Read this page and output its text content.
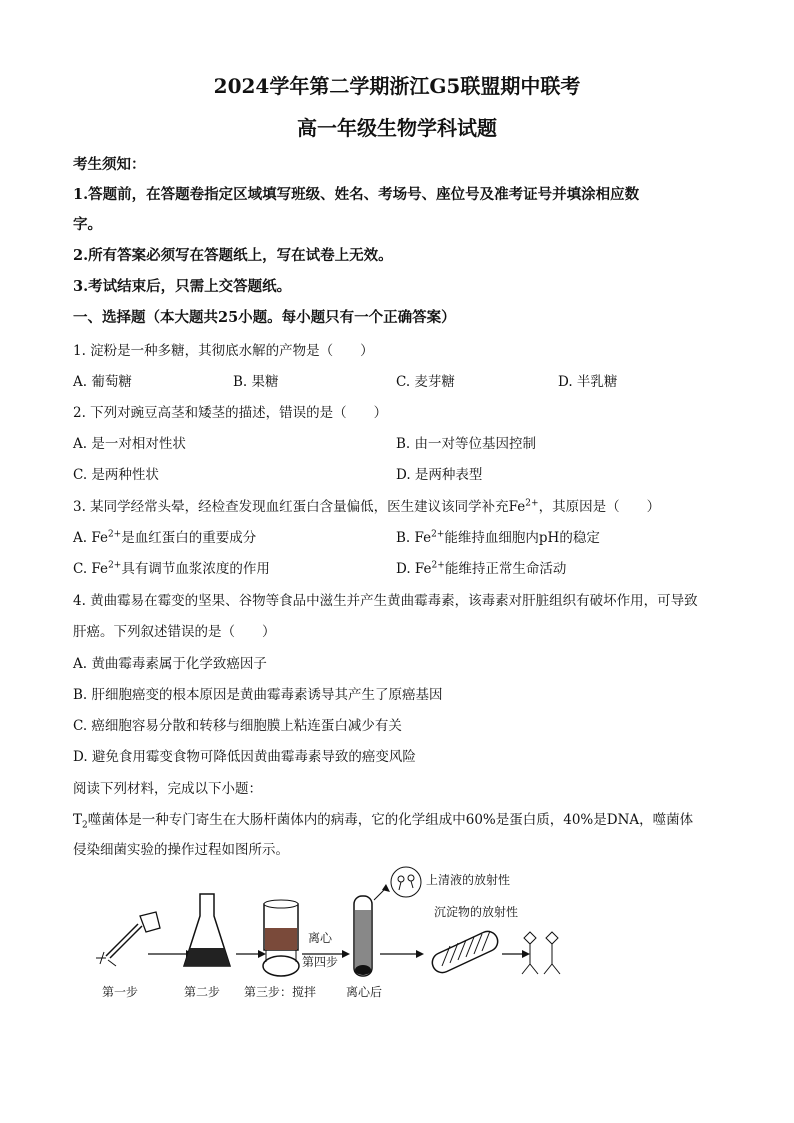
2024学年第二学期浙江G5联盟期中联考
高一年级生物学科试题
考生须知：
1.答题前，在答题卷指定区域填写班级、姓名、考场号、座位号及准考证号并填涂相应数
字。
2.所有答案必须写在答题纸上，写在试卷上无效。
3.考试结束后，只需上交答题纸。
一、选择题（本大题共25小题。每小题只有一个正确答案）
1. 淀粉是一种多糖，其彻底水解的产物是（　　）
A. 葡萄糖	B. 果糖	C. 麦芽糖	D. 半乳糖
2. 下列对豌豆高茎和矮茎的描述，错误的是（　　）
A. 是一对相对性状	B. 由一对等位基因控制
C. 是两种性状	D. 是两种表型
3. 某同学经常头晕，经检查发现血红蛋白含量偏低，医生建议该同学补充$Fe^{2+}$，其原因是（　　）
A. $Fe^{2+}$是血红蛋白的重要成分	B. $Fe^{2+}$能维持血细胞内pH的稳定
C. $Fe^{2+}$具有调节血浆浓度的作用	D. $Fe^{2+}$能维持正常生命活动
4. 黄曲霉易在霉变的坚果、谷物等食品中滋生并产生黄曲霉毒素，该毒素对肝脏组织有破坏作用，可导致
肝癌。下列叙述错误的是（　　）
A. 黄曲霉毒素属于化学致癌因子
B. 肝细胞癌变的根本原因是黄曲霉毒素诱导其产生了原癌基因
C. 癌细胞容易分散和转移与细胞膜上粘连蛋白减少有关
D. 避免食用霉变食物可降低因黄曲霉毒素导致的癌变风险
阅读下列材料，完成以下小题：
$T_2$噬菌体是一种专门寄生在大肠杆菌体内的病毒，它的化学组成中60%是蛋白质，40%是DNA，噬菌体
侵染细菌实验的操作过程如图所示。
离心
第四步
上清液的放射性
沉淀物的放射性
第一步	第二步 第三步：搅拌 离心后
